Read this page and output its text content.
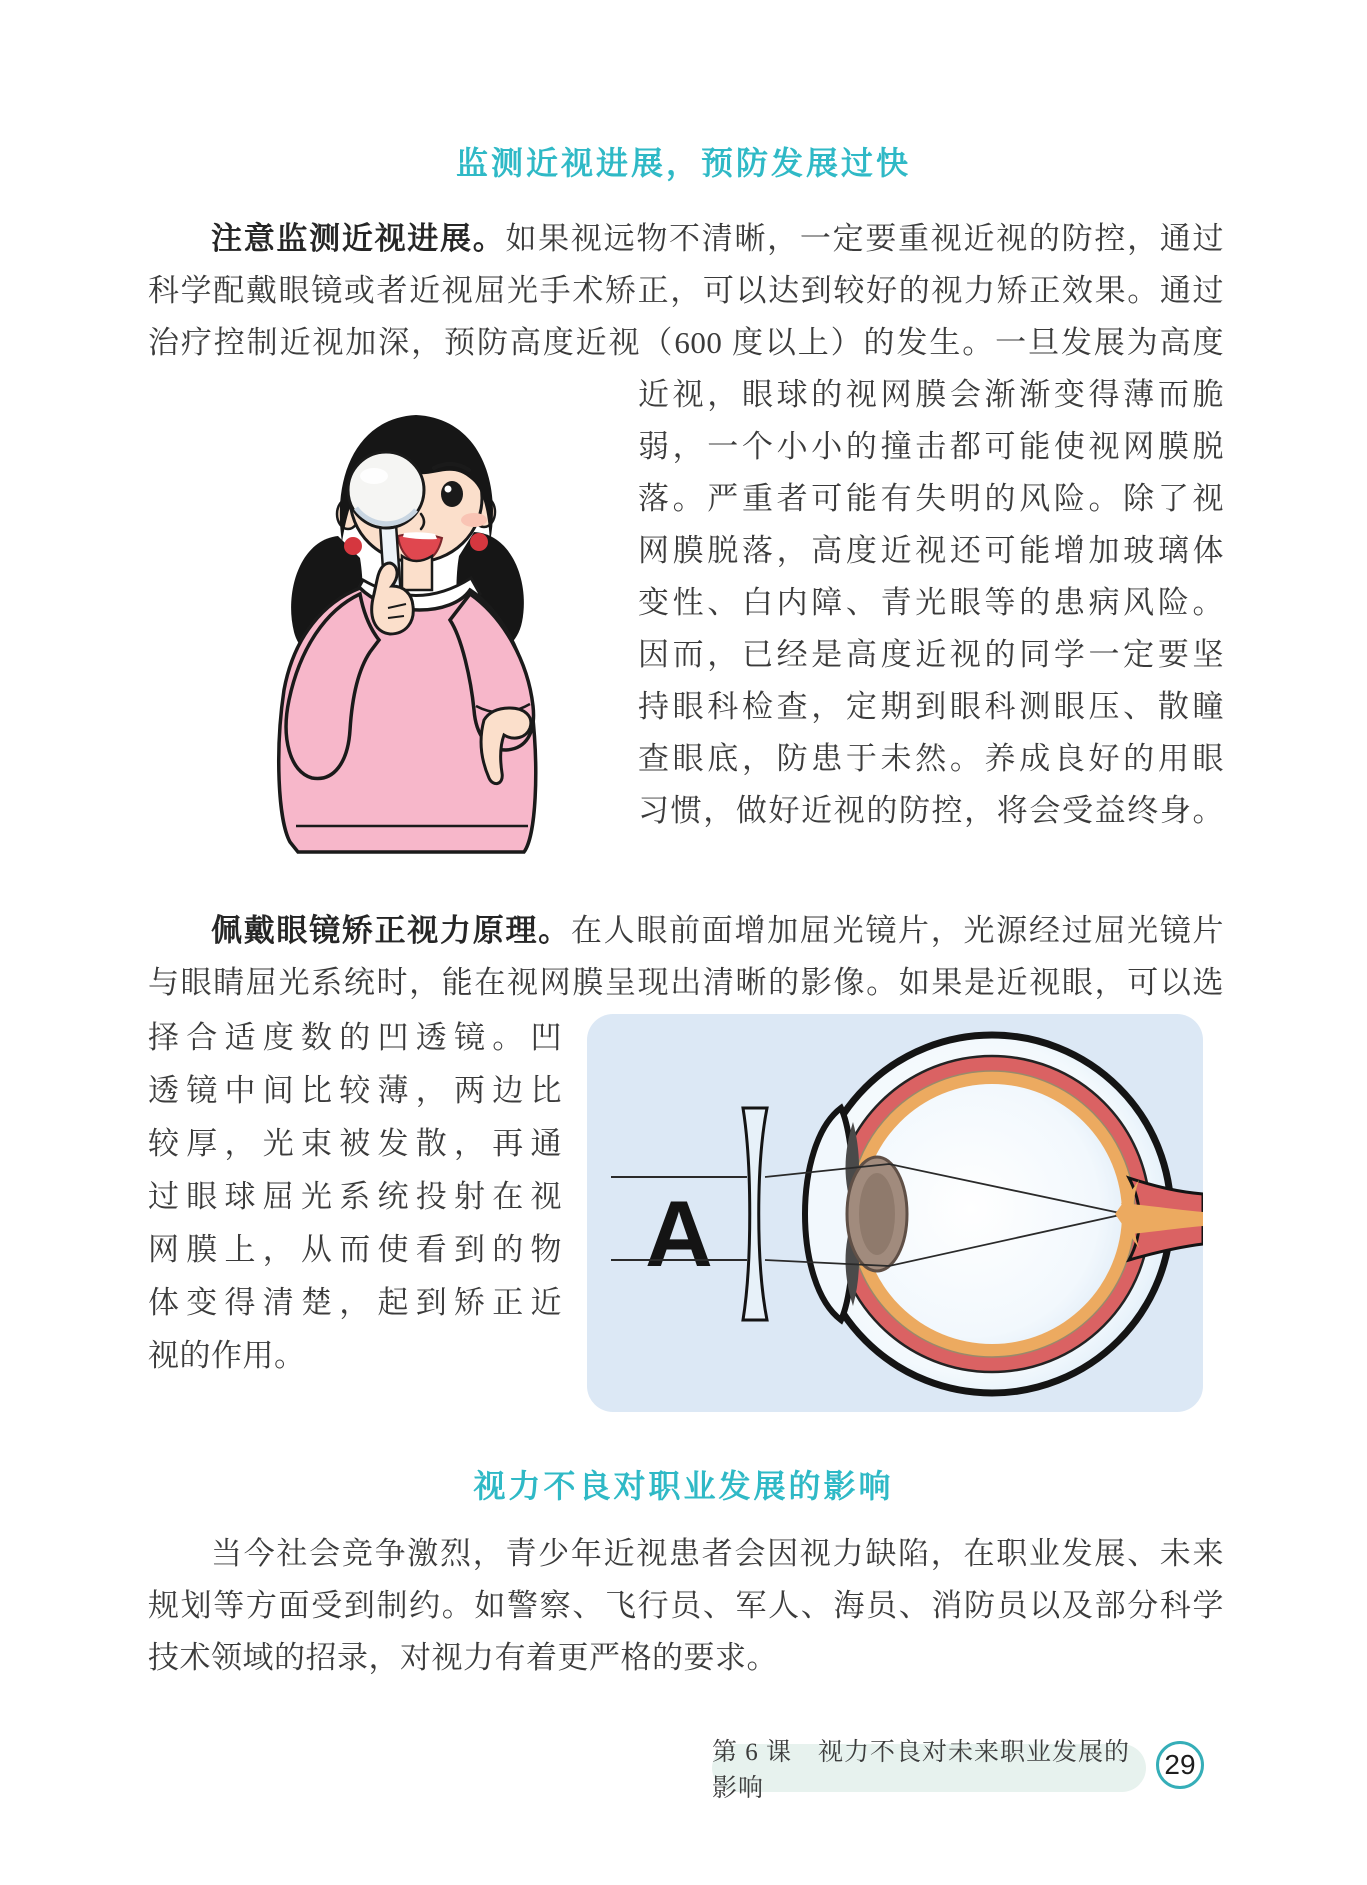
监测近视进展，预防发展过快
注意监测近视进展。如果视远物不清晰，一定要重视近视的防控，通过
科学配戴眼镜或者近视屈光手术矫正，可以达到较好的视力矫正效果。通过
治疗控制近视加深，预防高度近视（600 度以上）的发生。一旦发展为高度
近视，眼球的视网膜会渐渐变得薄而脆
弱，一个小小的撞击都可能使视网膜脱
落。严重者可能有失明的风险。除了视
网膜脱落，高度近视还可能增加玻璃体
变性、白内障、青光眼等的患病风险。
因而，已经是高度近视的同学一定要坚
持眼科检查，定期到眼科测眼压、散瞳
查眼底，防患于未然。养成良好的用眼
习惯，做好近视的防控，将会受益终身。
佩戴眼镜矫正视力原理。在人眼前面增加屈光镜片，光源经过屈光镜片
与眼睛屈光系统时，能在视网膜呈现出清晰的影像。如果是近视眼，可以选
择合适度数的凹透镜。凹
透镜中间比较薄，两边比
较厚，光束被发散，再通
过眼球屈光系统投射在视
网膜上，从而使看到的物
体变得清楚，起到矫正近
视的作用。
A
视力不良对职业发展的影响
当今社会竞争激烈，青少年近视患者会因视力缺陷，在职业发展、未来
规划等方面受到制约。如警察、飞行员、军人、海员、消防员以及部分科学
技术领域的招录，对视力有着更严格的要求。
第 6 课　视力不良对未来职业发展的影响
29
